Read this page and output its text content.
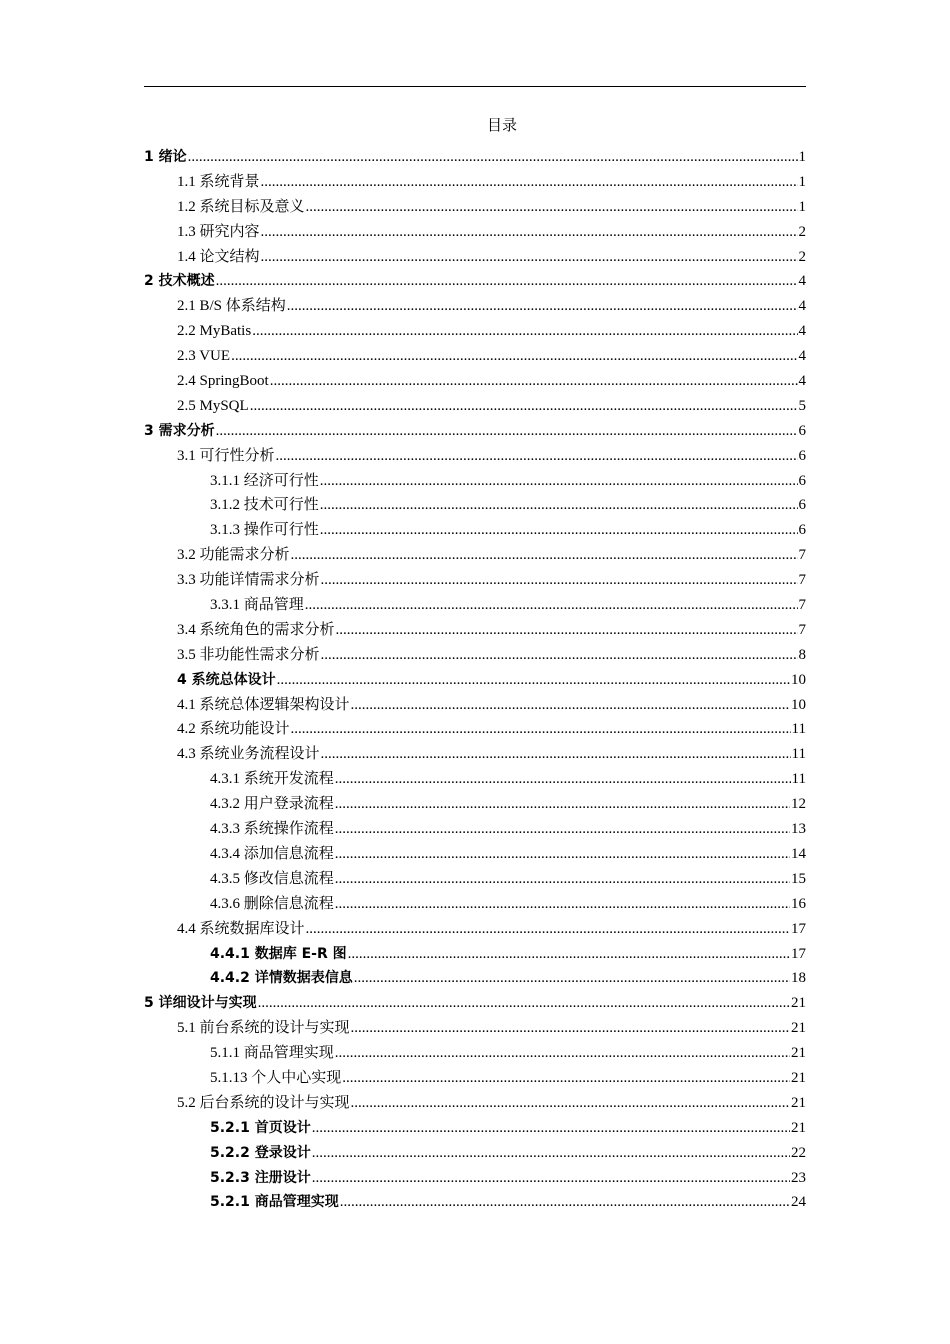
目录
1 绪论 .....	1
1.1 系统背景 .....	1
1.2 系统目标及意义 .....	1
1.3 研究内容 .....	2
1.4 论文结构 .....	2
2 技术概述 .....	4
2.1 B/S 体系结构 .....	4
2.2 MyBatis .....	4
2.3 VUE .....	4
2.4 SpringBoot .....	4
2.5 MySQL .....	5
3 需求分析 .....	6
3.1 可行性分析 .....	6
3.1.1 经济可行性 .....	6
3.1.2 技术可行性 .....	6
3.1.3 操作可行性 .....	6
3.2 功能需求分析 .....	7
3.3 功能详情需求分析 .....	7
3.3.1 商品管理 .....	7
3.4 系统角色的需求分析 .....	7
3.5 非功能性需求分析 .....	8
4 系统总体设计 .....	10
4.1 系统总体逻辑架构设计 .....	10
4.2 系统功能设计 .....	11
4.3 系统业务流程设计 .....	11
4.3.1 系统开发流程 .....	11
4.3.2 用户登录流程 .....	12
4.3.3 系统操作流程 .....	13
4.3.4 添加信息流程 .....	14
4.3.5 修改信息流程 .....	15
4.3.6 删除信息流程 .....	16
4.4 系统数据库设计 .....	17
4.4.1 数据库 E-R 图 .....	17
4.4.2 详情数据表信息 .....	18
5 详细设计与实现 .....	21
5.1 前台系统的设计与实现 .....	21
5.1.1 商品管理实现 .....	21
5.1.13 个人中心实现 .....	21
5.2 后台系统的设计与实现 .....	21
5.2.1 首页设计 .....	21
5.2.2 登录设计 .....	22
5.2.3 注册设计 .....	23
5.2.1 商品管理实现 .....	24
